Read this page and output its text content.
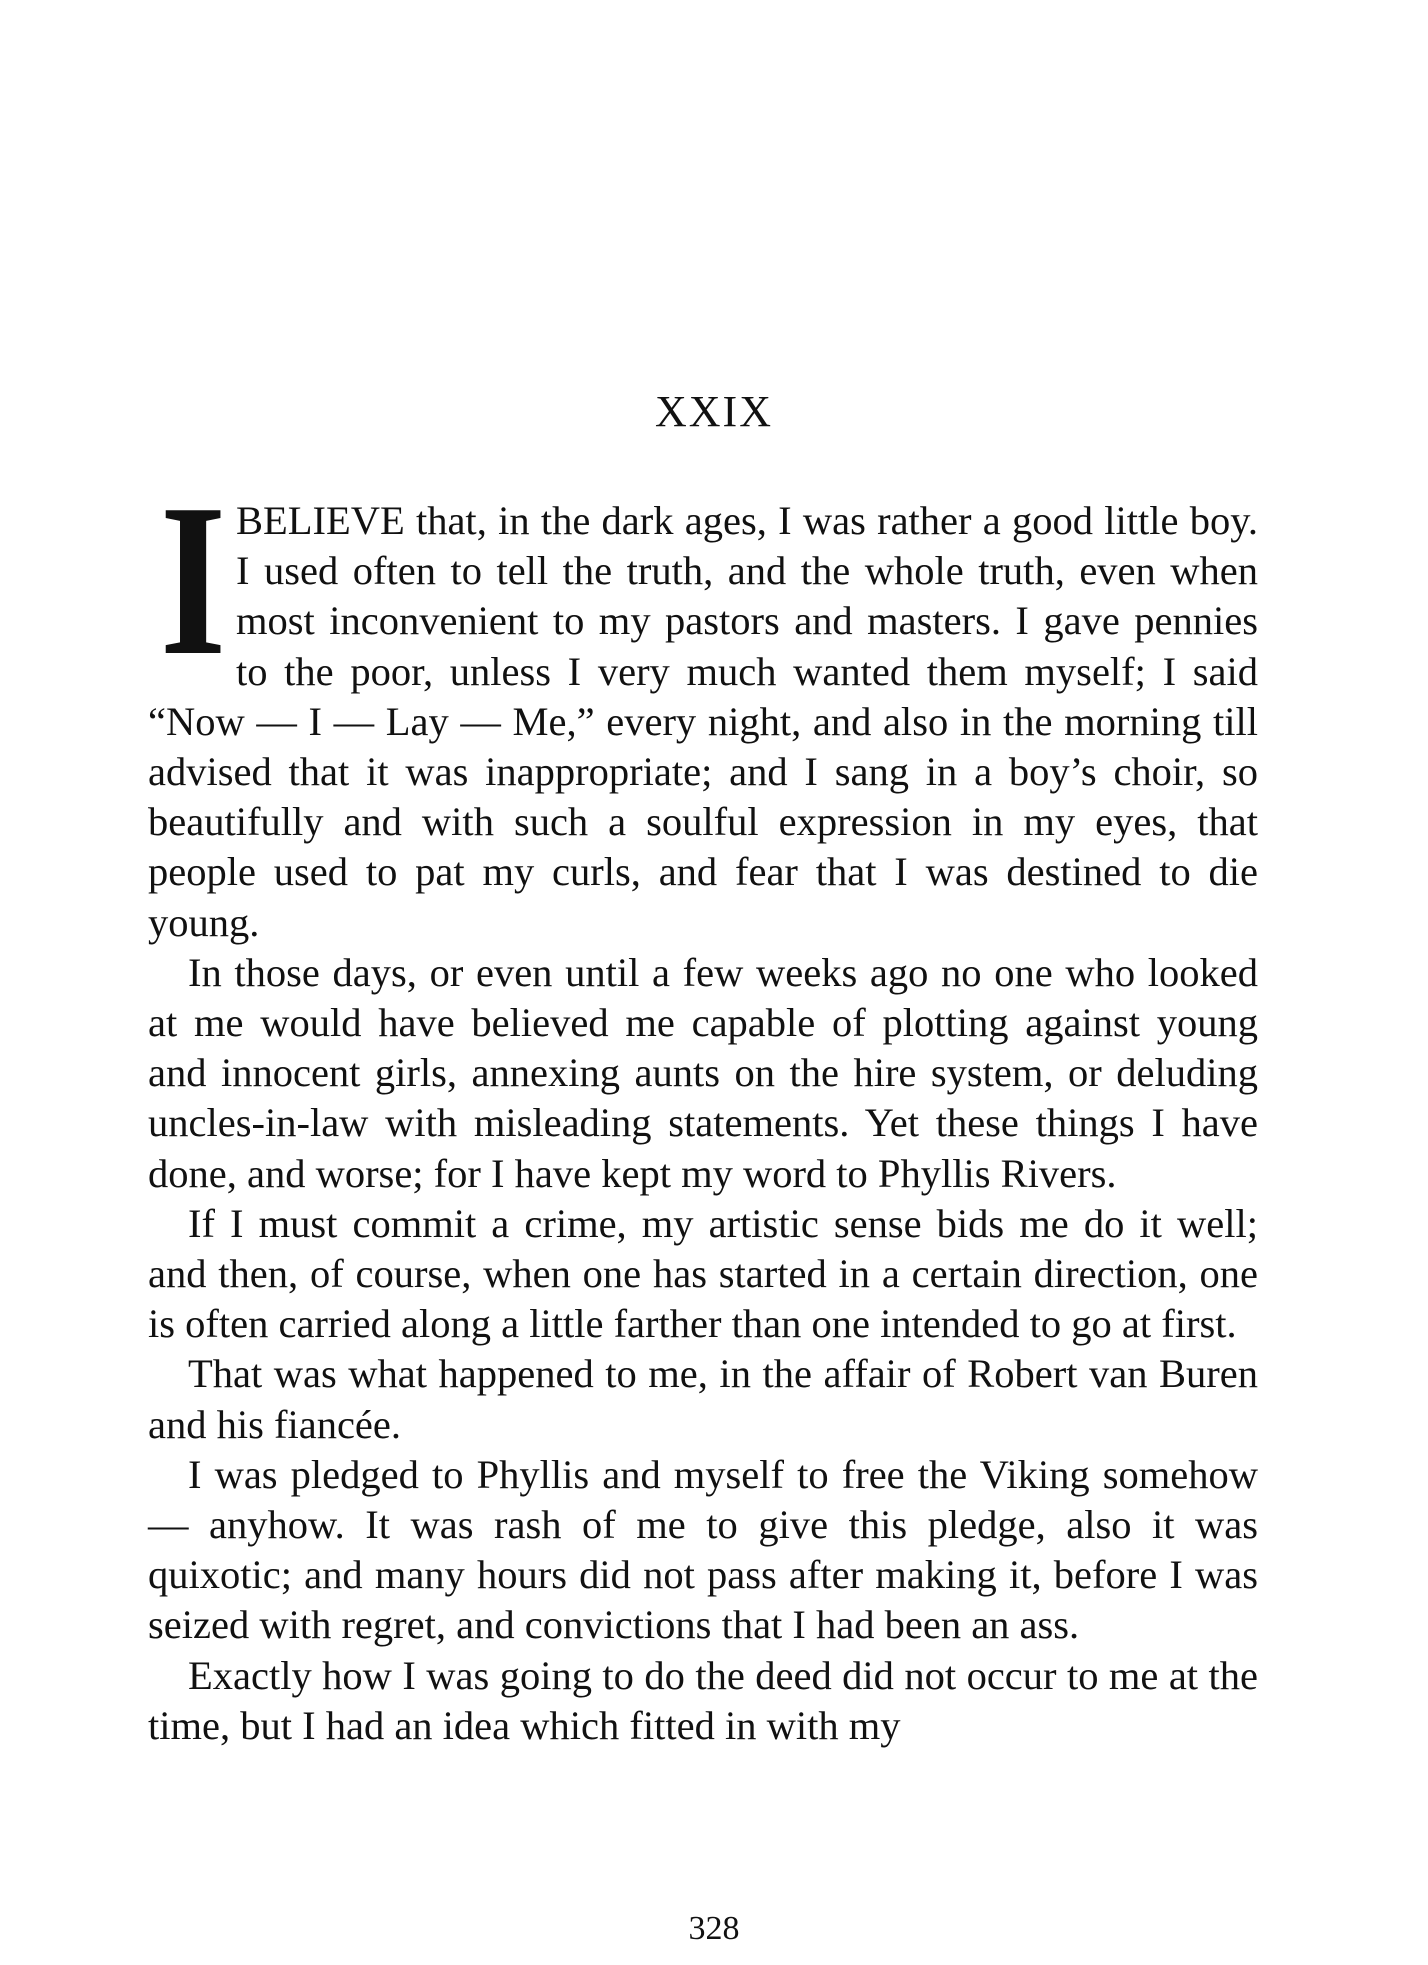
XXIX

I BELIEVE that, in the dark ages, I was rather a good little boy. I used often to tell the truth, and the whole truth, even when most inconvenient to my pastors and masters. I gave pennies to the poor, unless I very much wanted them myself; I said “Now — I — Lay — Me,” every night, and also in the morning till advised that it was inappropriate; and I sang in a boy’s choir, so beautifully and with such a soulful expression in my eyes, that people used to pat my curls, and fear that I was destined to die young.

In those days, or even until a few weeks ago no one who looked at me would have believed me capable of plotting against young and innocent girls, annexing aunts on the hire system, or deluding uncles-in-law with misleading statements. Yet these things I have done, and worse; for I have kept my word to Phyllis Rivers.

If I must commit a crime, my artistic sense bids me do it well; and then, of course, when one has started in a certain direction, one is often carried along a little farther than one intended to go at first.

That was what happened to me, in the affair of Robert van Buren and his fiancée.

I was pledged to Phyllis and myself to free the Viking somehow — anyhow. It was rash of me to give this pledge, also it was quixotic; and many hours did not pass after making it, before I was seized with regret, and convictions that I had been an ass.

Exactly how I was going to do the deed did not occur to me at the time, but I had an idea which fitted in with my

328
